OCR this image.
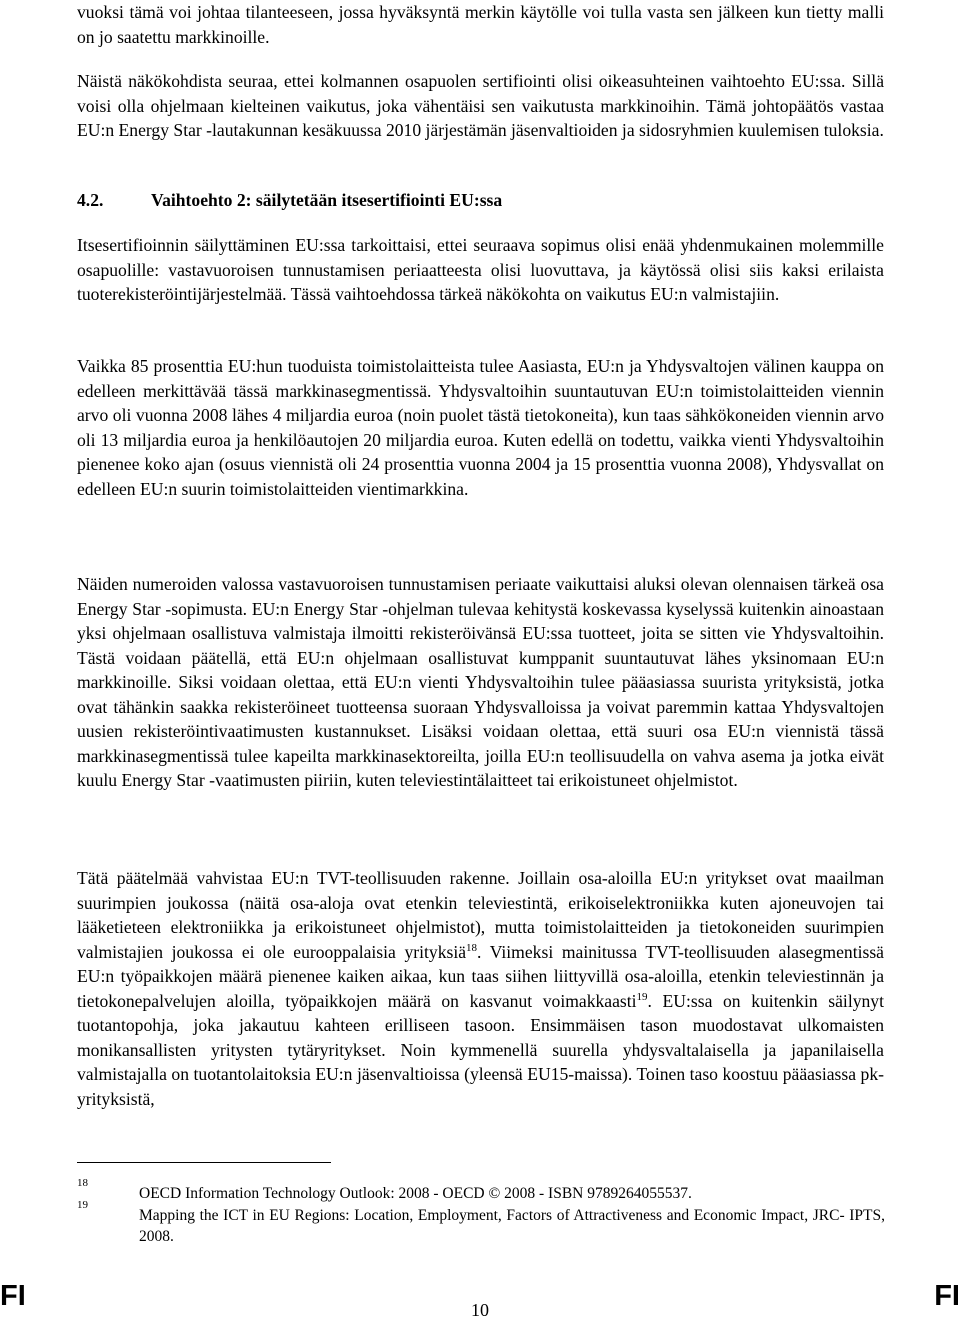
vuoksi tämä voi johtaa tilanteeseen, jossa hyväksyntä merkin käytölle voi tulla vasta sen jälkeen kun tietty malli on jo saatettu markkinoille.

Näistä näkökohdista seuraa, ettei kolmannen osapuolen sertifiointi olisi oikeasuhteinen vaihtoehto EU:ssa. Sillä voisi olla ohjelmaan kielteinen vaikutus, joka vähentäisi sen vaikutusta markkinoihin. Tämä johtopäätös vastaa EU:n Energy Star -lautakunnan kesäkuussa 2010 järjestämän jäsenvaltioiden ja sidosryhmien kuulemisen tuloksia.

4.2.	Vaihtoehto 2: säilytetään itsesertifiointi EU:ssa

Itsesertifioinnin säilyttäminen EU:ssa tarkoittaisi, ettei seuraava sopimus olisi enää yhdenmukainen molemmille osapuolille: vastavuoroisen tunnustamisen periaatteesta olisi luovuttava, ja käytössä olisi siis kaksi erilaista tuoterekisteröintijärjestelmää. Tässä vaihtoehdossa tärkeä näkökohta on vaikutus EU:n valmistajiin.

Vaikka 85 prosenttia EU:hun tuoduista toimistolaitteista tulee Aasiasta, EU:n ja Yhdysvaltojen välinen kauppa on edelleen merkittävää tässä markkinasegmentissä. Yhdysvaltoihin suuntautuvan EU:n toimistolaitteiden viennin arvo oli vuonna 2008 lähes 4 miljardia euroa (noin puolet tästä tietokoneita), kun taas sähkökoneiden viennin arvo oli 13 miljardia euroa ja henkilöautojen 20 miljardia euroa. Kuten edellä on todettu, vaikka vienti Yhdysvaltoihin pienenee koko ajan (osuus viennistä oli 24 prosenttia vuonna 2004 ja 15 prosenttia vuonna 2008), Yhdysvallat on edelleen EU:n suurin toimistolaitteiden vientimarkkina.

Näiden numeroiden valossa vastavuoroisen tunnustamisen periaate vaikuttaisi aluksi olevan olennaisen tärkeä osa Energy Star -sopimusta. EU:n Energy Star -ohjelman tulevaa kehitystä koskevassa kyselyssä kuitenkin ainoastaan yksi ohjelmaan osallistuva valmistaja ilmoitti rekisteröivänsä EU:ssa tuotteet, joita se sitten vie Yhdysvaltoihin. Tästä voidaan päätellä, että EU:n ohjelmaan osallistuvat kumppanit suuntautuvat lähes yksinomaan EU:n markkinoille. Siksi voidaan olettaa, että EU:n vienti Yhdysvaltoihin tulee pääasiassa suurista yrityksistä, jotka ovat tähänkin saakka rekisteröineet tuotteensa suoraan Yhdysvalloissa ja voivat paremmin kattaa Yhdysvaltojen uusien rekisteröintivaatimusten kustannukset. Lisäksi voidaan olettaa, että suuri osa EU:n viennistä tässä markkinasegmentissä tulee kapeilta markkinasektoreilta, joilla EU:n teollisuudella on vahva asema ja jotka eivät kuulu Energy Star -vaatimusten piiriin, kuten televiestintälaitteet tai erikoistuneet ohjelmistot.

Tätä päätelmää vahvistaa EU:n TVT-teollisuuden rakenne. Joillain osa-aloilla EU:n yritykset ovat maailman suurimpien joukossa (näitä osa-aloja ovat etenkin televiestintä, erikoiselektroniikka kuten ajoneuvojen tai lääketieteen elektroniikka ja erikoistuneet ohjelmistot), mutta toimistolaitteiden ja tietokoneiden suurimpien valmistajien joukossa ei ole eurooppalaisia yrityksiä$^{18}$. Viimeksi mainitussa TVT-teollisuuden alasegmentissä EU:n työpaikkojen määrä pienenee kaiken aikaa, kun taas siihen liittyvillä osa-aloilla, etenkin televiestinnän ja tietokonepalvelujen aloilla, työpaikkojen määrä on kasvanut voimakkaasti$^{19}$. EU:ssa on kuitenkin säilynyt tuotantopohja, joka jakautuu kahteen erilliseen tasoon. Ensimmäisen tason muodostavat ulkomaisten monikansallisten yritysten tytäryritykset. Noin kymmenellä suurella yhdysvaltalaisella ja japanilaisella valmistajalla on tuotantolaitoksia EU:n jäsenvaltioissa (yleensä EU15-maissa). Toinen taso koostuu pääasiassa pk-yrityksistä,

18
OECD Information Technology Outlook: 2008 - OECD © 2008 - ISBN 9789264055537.
19
Mapping the ICT in EU Regions: Location, Employment, Factors of Attractiveness and Economic Impact, JRC- IPTS, 2008.
FI	10	FI
